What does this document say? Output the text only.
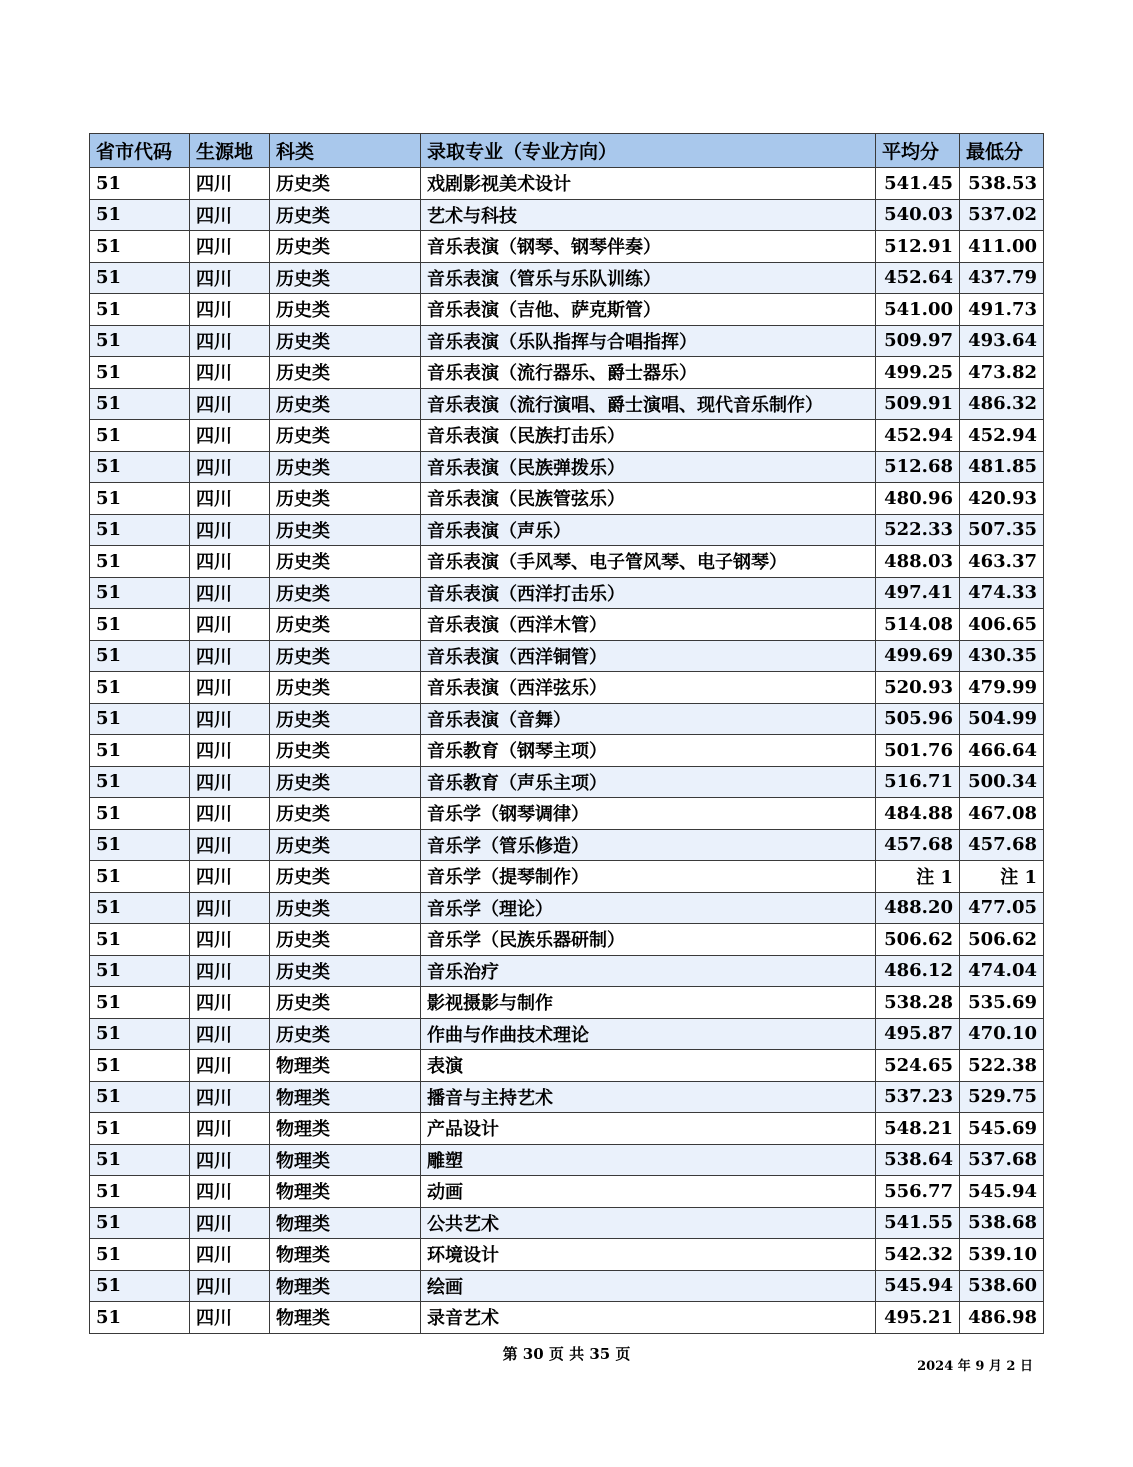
省市代码	生源地	科类	录取专业（专业方向）	平均分	最低分
51	四川	历史类	戏剧影视美术设计	541.45	538.53
51	四川	历史类	艺术与科技	540.03	537.02
51	四川	历史类	音乐表演（钢琴、钢琴伴奏）	512.91	411.00
51	四川	历史类	音乐表演（管乐与乐队训练）	452.64	437.79
51	四川	历史类	音乐表演（吉他、萨克斯管）	541.00	491.73
51	四川	历史类	音乐表演（乐队指挥与合唱指挥）	509.97	493.64
51	四川	历史类	音乐表演（流行器乐、爵士器乐）	499.25	473.82
51	四川	历史类	音乐表演（流行演唱、爵士演唱、现代音乐制作）	509.91	486.32
51	四川	历史类	音乐表演（民族打击乐）	452.94	452.94
51	四川	历史类	音乐表演（民族弹拨乐）	512.68	481.85
51	四川	历史类	音乐表演（民族管弦乐）	480.96	420.93
51	四川	历史类	音乐表演（声乐）	522.33	507.35
51	四川	历史类	音乐表演（手风琴、电子管风琴、电子钢琴）	488.03	463.37
51	四川	历史类	音乐表演（西洋打击乐）	497.41	474.33
51	四川	历史类	音乐表演（西洋木管）	514.08	406.65
51	四川	历史类	音乐表演（西洋铜管）	499.69	430.35
51	四川	历史类	音乐表演（西洋弦乐）	520.93	479.99
51	四川	历史类	音乐表演（音舞）	505.96	504.99
51	四川	历史类	音乐教育（钢琴主项）	501.76	466.64
51	四川	历史类	音乐教育（声乐主项）	516.71	500.34
51	四川	历史类	音乐学（钢琴调律）	484.88	467.08
51	四川	历史类	音乐学（管乐修造）	457.68	457.68
51	四川	历史类	音乐学（提琴制作）	注 1	注 1
51	四川	历史类	音乐学（理论）	488.20	477.05
51	四川	历史类	音乐学（民族乐器研制）	506.62	506.62
51	四川	历史类	音乐治疗	486.12	474.04
51	四川	历史类	影视摄影与制作	538.28	535.69
51	四川	历史类	作曲与作曲技术理论	495.87	470.10
51	四川	物理类	表演	524.65	522.38
51	四川	物理类	播音与主持艺术	537.23	529.75
51	四川	物理类	产品设计	548.21	545.69
51	四川	物理类	雕塑	538.64	537.68
51	四川	物理类	动画	556.77	545.94
51	四川	物理类	公共艺术	541.55	538.68
51	四川	物理类	环境设计	542.32	539.10
51	四川	物理类	绘画	545.94	538.60
51	四川	物理类	录音艺术	495.21	486.98
第 30 页 共 35 页
2024 年 9 月 2 日
